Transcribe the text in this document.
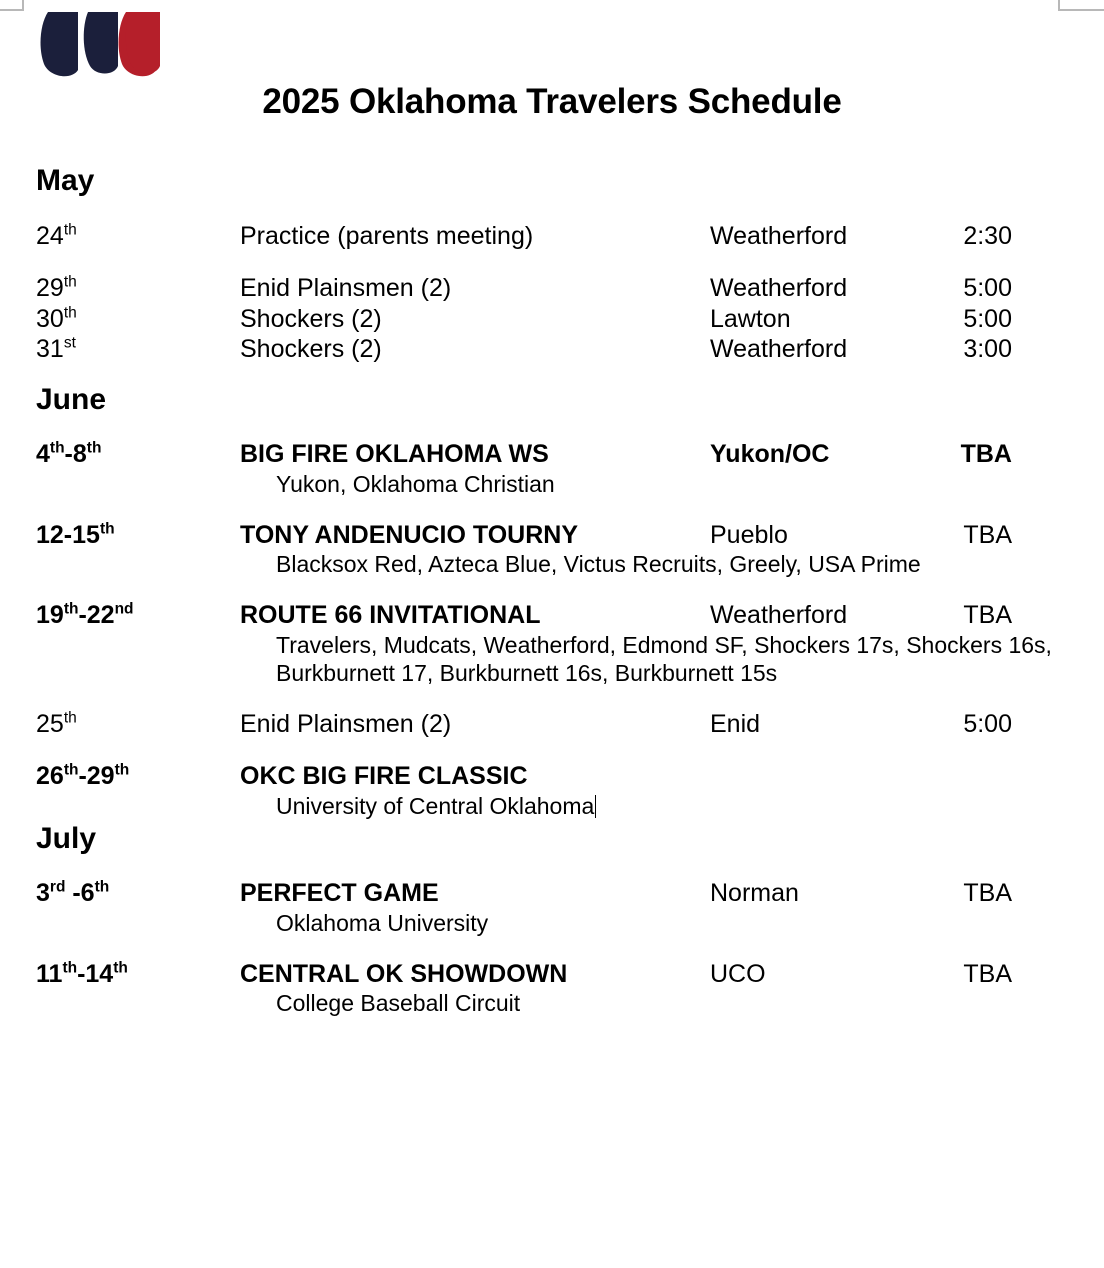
2025 Oklahoma Travelers Schedule
May
24th	Practice (parents meeting)	Weatherford	2:30
29th	Enid Plainsmen (2)	Weatherford	5:00
30th	Shockers (2)	Lawton	5:00
31st	Shockers (2)	Weatherford	3:00
June
4th-8th	BIG FIRE OKLAHOMA WS	Yukon/OC	TBA
Yukon, Oklahoma Christian
12-15th	TONY ANDENUCIO TOURNY	Pueblo	TBA
Blacksox Red, Azteca Blue, Victus Recruits, Greely, USA Prime
19th-22nd	ROUTE 66 INVITATIONAL	Weatherford	TBA
Travelers, Mudcats, Weatherford, Edmond SF, Shockers 17s, Shockers 16s, Burkburnett 17, Burkburnett 16s, Burkburnett 15s
25th	Enid Plainsmen (2)	Enid	5:00
26th-29th	OKC BIG FIRE CLASSIC
University of Central Oklahoma
July
3rd -6th	PERFECT GAME	Norman	TBA
Oklahoma University
11th-14th	CENTRAL OK SHOWDOWN	UCO	TBA
College Baseball Circuit
